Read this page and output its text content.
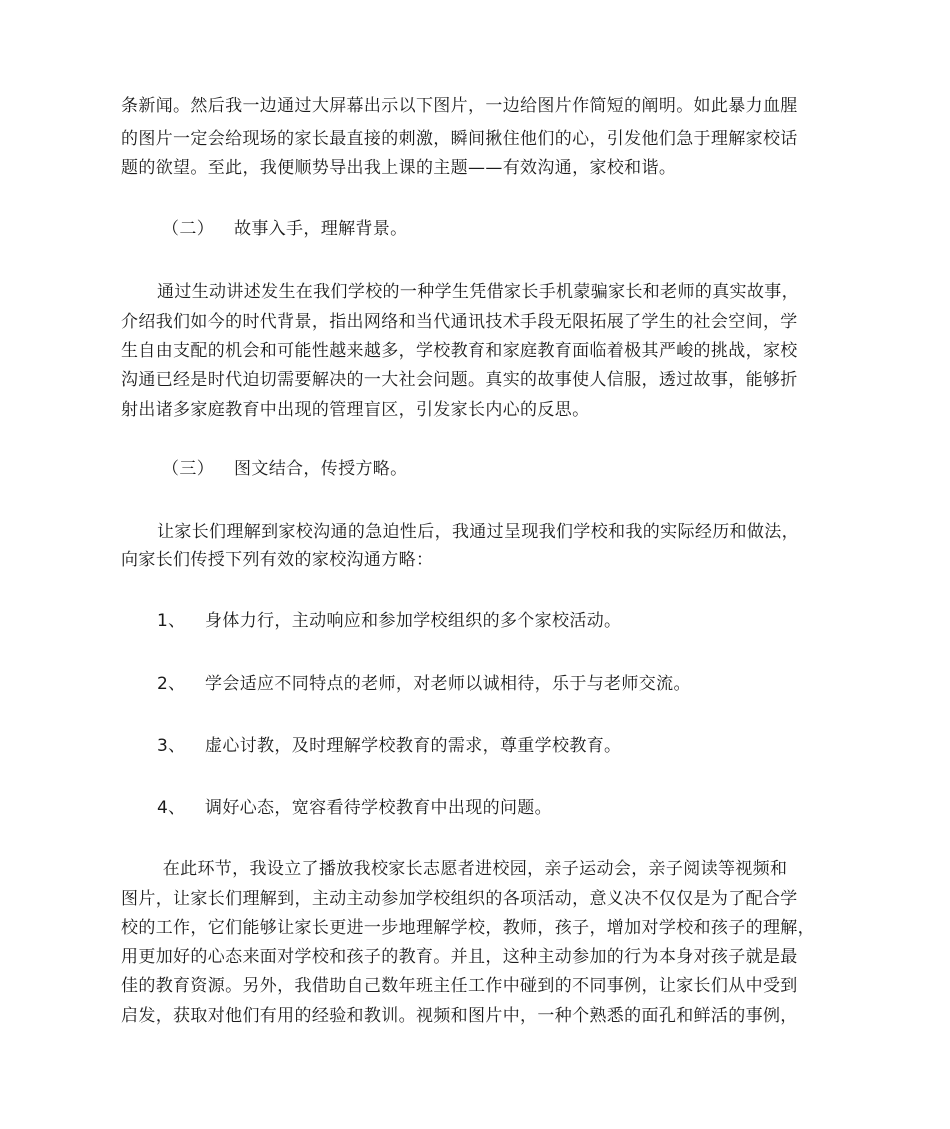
条新闻。然后我一边通过大屏幕出示以下图片，一边给图片作简短的阐明。如此暴力血腥
的图片一定会给现场的家长最直接的刺激，瞬间揪住他们的心，引发他们急于理解家校话
题的欲望。至此，我便顺势导出我上课的主题——有效沟通，家校和谐。
（二） 故事入手，理解背景。
通过生动讲述发生在我们学校的一种学生凭借家长手机蒙骗家长和老师的真实故事，
介绍我们如今的时代背景，指出网络和当代通讯技术手段无限拓展了学生的社会空间，学
生自由支配的机会和可能性越来越多，学校教育和家庭教育面临着极其严峻的挑战，家校
沟通已经是时代迫切需要解决的一大社会问题。真实的故事使人信服，透过故事，能够折
射出诸多家庭教育中出现的管理盲区，引发家长内心的反思。
（三） 图文结合，传授方略。
让家长们理解到家校沟通的急迫性后，我通过呈现我们学校和我的实际经历和做法，
向家长们传授下列有效的家校沟通方略：
1、 身体力行，主动响应和参加学校组织的多个家校活动。
2、 学会适应不同特点的老师，对老师以诚相待，乐于与老师交流。
3、 虚心讨教，及时理解学校教育的需求，尊重学校教育。
4、 调好心态，宽容看待学校教育中出现的问题。
在此环节，我设立了播放我校家长志愿者进校园，亲子运动会，亲子阅读等视频和
图片，让家长们理解到，主动主动参加学校组织的各项活动，意义决不仅仅是为了配合学
校的工作，它们能够让家长更进一步地理解学校，教师，孩子，增加对学校和孩子的理解，
用更加好的心态来面对学校和孩子的教育。并且，这种主动参加的行为本身对孩子就是最
佳的教育资源。另外，我借助自己数年班主任工作中碰到的不同事例，让家长们从中受到
启发，获取对他们有用的经验和教训。视频和图片中，一种个熟悉的面孔和鲜活的事例，
